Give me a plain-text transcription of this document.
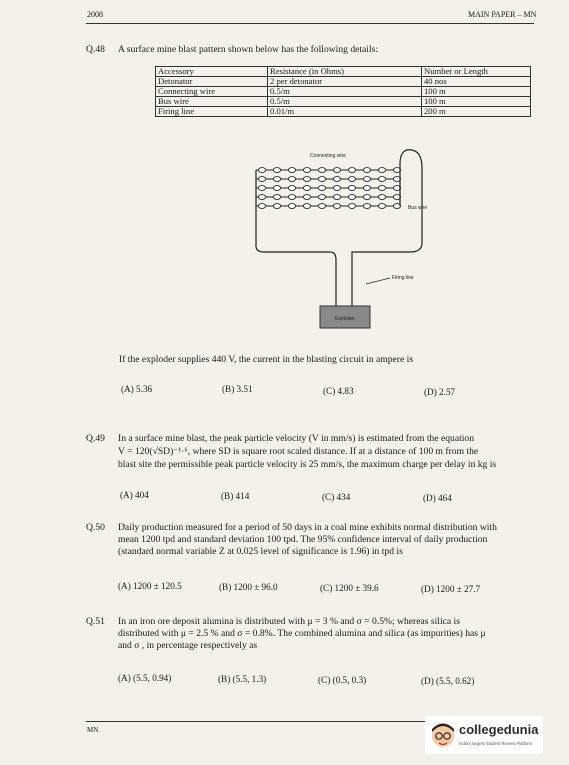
2008	MAIN PAPER – MN
Q.48 A surface mine blast pattern shown below has the following details:
Accessory	Resistance (in Ohms)	Number or Length
Detonator	2 per detonator	40 nos
Connecting wire	0.5/m	100 m
Bus wire	0.5/m	100 m
Firing line	0.01/m	200 m
Exploder
Connecting wire
Bus wire
Firing line
If the exploder supplies 440 V, the current in the blasting circuit in ampere is
(A) 5.36	(B) 3.51	(C) 4.83	(D) 2.57
Q.49 In a surface mine blast, the peak particle velocity (V in mm/s) is estimated from the equation
V = 120(√SD)⁻¹·⁶, where SD is square root scaled distance. If at a distance of 100 m from the
blast site the permissible peak particle velocity is 25 mm/s, the maximum charge per delay in kg is
(A) 404	(B) 414	(C) 434	(D) 464
Q.50 Daily production measured for a period of 50 days in a coal mine exhibits normal distribution with
mean 1200 tpd and standard deviation 100 tpd. The 95% confidence interval of daily production
(standard normal variable Z at 0.025 level of significance is 1.96) in tpd is
(A) 1200 ± 120.5	(B) 1200 ± 96.0	(C) 1200 ± 39.6	(D) 1200 ± 27.7
Q.51 In an iron ore deposit alumina is distributed with μ = 3 % and σ = 0.5%; whereas silica is
distributed with μ = 2.5 % and σ = 0.8%. The combined alumina and silica (as impurities) has μ
and σ , in percentage respectively as
(A) (5.5, 0.94)	(B) (5.5, 1.3)	(C) (0.5, 0.3)	(D) (5.5, 0.62)
MN	collegedunia
India's largest Student Review Platform
